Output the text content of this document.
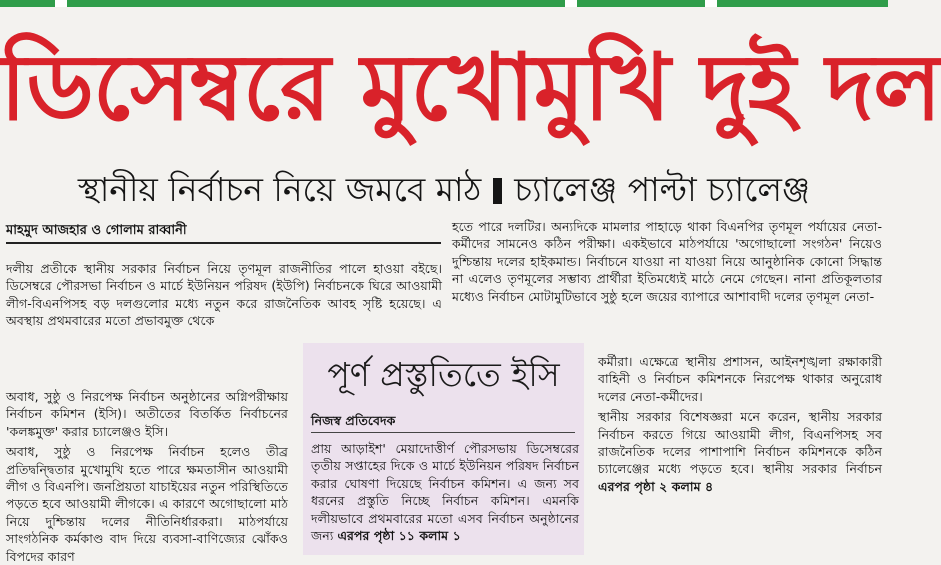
ডিসেম্বরে মুখোমুখি দুই দল
স্থানীয় নির্বাচন নিয়ে জমবে মাঠ চ্যালেঞ্জ পাল্টা চ্যালেঞ্জ
মাহমুদ আজহার ও গোলাম রাব্বানী

দলীয় প্রতীকে স্থানীয় সরকার নির্বাচন নিয়ে তৃণমূল রাজনীতির পালে হাওয়া বইছে। ডিসেম্বরে পৌরসভা নির্বাচন ও মার্চে ইউনিয়ন পরিষদ (ইউপি) নির্বাচনকে ঘিরে আওয়ামী লীগ-বিএনপিসহ বড় দলগুলোর মধ্যে নতুন করে রাজনৈতিক আবহ সৃষ্টি হয়েছে। এ অবস্থায় প্রথমবারের মতো প্রভাবমুক্ত থেকে

অবাধ, সুষ্ঠু ও নিরপেক্ষ নির্বাচন অনুষ্ঠানের অগ্নিপরীক্ষায় নির্বাচন কমিশন (ইসি)। অতীতের বিতর্কিত নির্বাচনের 'কলঙ্কমুক্ত' করার চ্যালেঞ্জও ইসি।

অবাধ, সুষ্ঠু ও নিরপেক্ষ নির্বাচন হলেও তীব্র প্রতিদ্বন্দ্বিতার মুখোমুখি হতে পারে ক্ষমতাসীন আওয়ামী লীগ ও বিএনপি। জনপ্রিয়তা যাচাইয়ের নতুন পরিস্থিতিতে পড়তে হবে আওয়ামী লীগকে। এ কারণে অগোছালো মাঠ নিয়ে দুশ্চিন্তায় দলের নীতিনির্ধারকরা। মাঠপর্যায়ে সাংগঠনিক কর্মকাণ্ড বাদ দিয়ে ব্যবসা-বাণিজ্যের ঝোঁকও বিপদের কারণ

হতে পারে দলটির। অন্যদিকে মামলার পাহাড়ে থাকা বিএনপির তৃণমূল পর্যায়ের নেতা-কর্মীদের সামনেও কঠিন পরীক্ষা। একইভাবে মাঠপর্যায়ে 'অগোছালো সংগঠন' নিয়েও দুশ্চিন্তায় দলের হাইকমান্ড। নির্বাচনে যাওয়া না যাওয়া নিয়ে আনুষ্ঠানিক কোনো সিদ্ধান্ত না এলেও তৃণমূলের সম্ভাব্য প্রার্থীরা ইতিমধ্যেই মাঠে নেমে গেছেন। নানা প্রতিকূলতার মধ্যেও নির্বাচন মোটামুটিভাবে সুষ্ঠু হলে জয়ের ব্যাপারে আশাবাদী দলের তৃণমূল নেতা-

কর্মীরা। এক্ষেত্রে স্থানীয় প্রশাসন, আইনশৃঙ্খলা রক্ষাকারী বাহিনী ও নির্বাচন কমিশনকে নিরপেক্ষ থাকার অনুরোধ দলের নেতা-কর্মীদের।

স্থানীয় সরকার বিশেষজ্ঞরা মনে করেন, স্থানীয় সরকার নির্বাচন করতে গিয়ে আওয়ামী লীগ, বিএনপিসহ সব রাজনৈতিক দলের পাশাপাশি নির্বাচন কমিশনকে কঠিন চ্যালেঞ্জের মধ্যে পড়তে হবে। স্থানীয় সরকার নির্বাচন এরপর পৃষ্ঠা ২ কলাম ৪

পূর্ণ প্রস্তুতিতে ইসি
নিজস্ব প্রতিবেদক

প্রায় আড়াইশ' মেয়াদোত্তীর্ণ পৌরসভায় ডিসেম্বরের তৃতীয় সপ্তাহের দিকে ও মার্চে ইউনিয়ন পরিষদ নির্বাচন করার ঘোষণা দিয়েছে নির্বাচন কমিশন। এ জন্য সব ধরনের প্রস্তুতি নিচ্ছে নির্বাচন কমিশন। এমনকি দলীয়ভাবে প্রথমবারের মতো এসব নির্বাচন অনুষ্ঠানের জন্য এরপর পৃষ্ঠা ১১ কলাম ১
